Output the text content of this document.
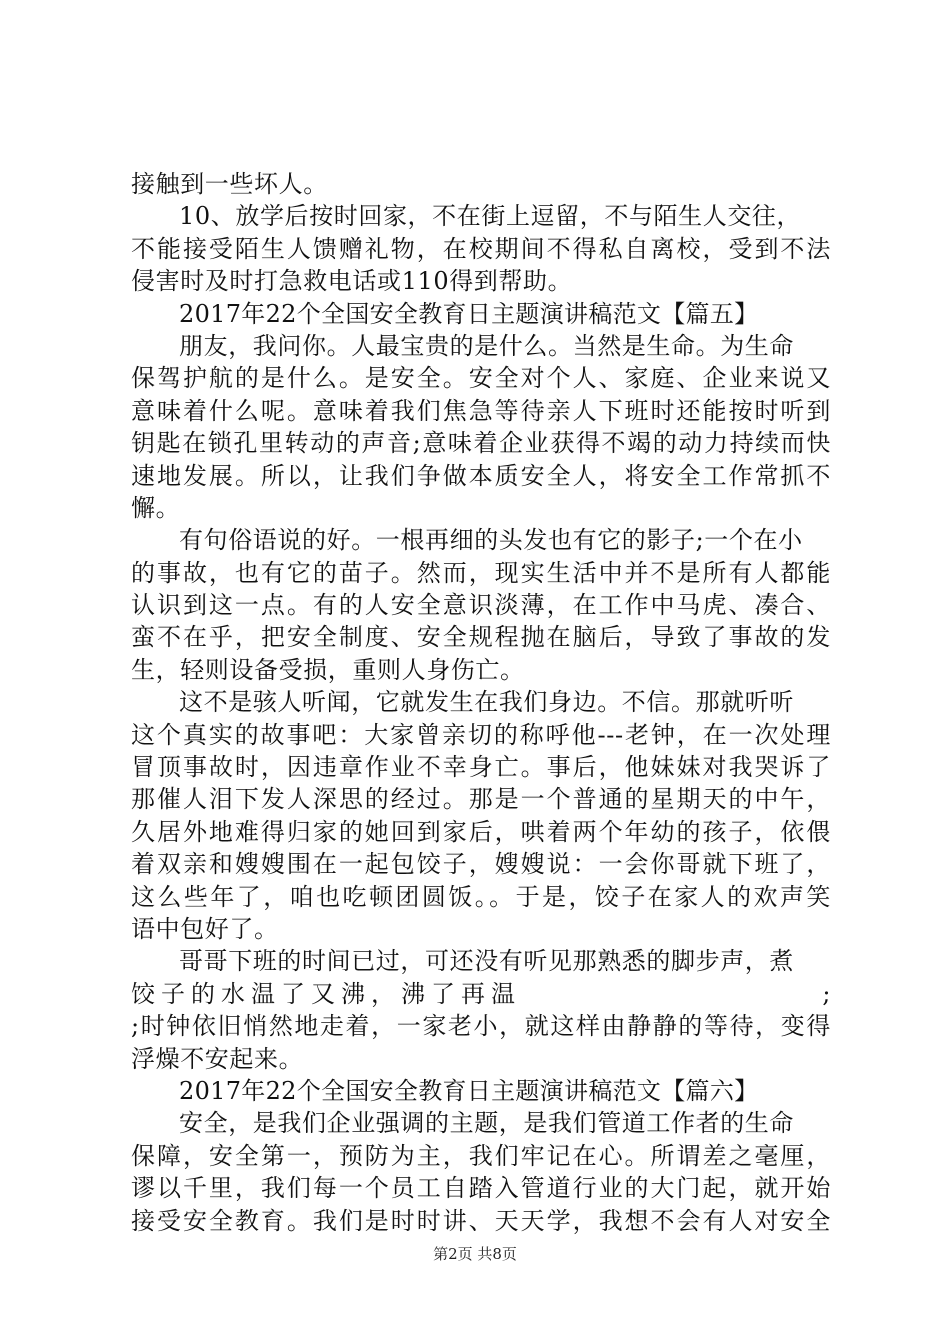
接触到一些坏人。
10、放学后按时回家，不在街上逗留，不与陌生人交往，
不能接受陌生人馈赠礼物，在校期间不得私自离校，受到不法
侵害时及时打急救电话或110得到帮助。
2017年22个全国安全教育日主题演讲稿范文【篇五】
朋友，我问你。人最宝贵的是什么。当然是生命。为生命
保驾护航的是什么。是安全。安全对个人、家庭、企业来说又
意味着什么呢。意味着我们焦急等待亲人下班时还能按时听到
钥匙在锁孔里转动的声音;意味着企业获得不竭的动力持续而快
速地发展。所以，让我们争做本质安全人，将安全工作常抓不
懈。
有句俗语说的好。一根再细的头发也有它的影子;一个在小
的事故，也有它的苗子。然而，现实生活中并不是所有人都能
认识到这一点。有的人安全意识淡薄，在工作中马虎、凑合、
蛮不在乎，把安全制度、安全规程抛在脑后，导致了事故的发
生，轻则设备受损，重则人身伤亡。
这不是骇人听闻，它就发生在我们身边。不信。那就听听
这个真实的故事吧：大家曾亲切的称呼他---老钟，在一次处理
冒顶事故时，因违章作业不幸身亡。事后，他妹妹对我哭诉了
那催人泪下发人深思的经过。那是一个普通的星期天的中午，
久居外地难得归家的她回到家后，哄着两个年幼的孩子，依偎
着双亲和嫂嫂围在一起包饺子，嫂嫂说：一会你哥就下班了，
这么些年了，咱也吃顿团圆饭。。于是，饺子在家人的欢声笑
语中包好了。
哥哥下班的时间已过，可还没有听见那熟悉的脚步声，煮
饺子的水温了又沸，沸了再温	;
;时钟依旧悄然地走着，一家老小，就这样由静静的等待，变得
浮燥不安起来。
2017年22个全国安全教育日主题演讲稿范文【篇六】
安全，是我们企业强调的主题，是我们管道工作者的生命
保障，安全第一，预防为主，我们牢记在心。所谓差之毫厘，
谬以千里，我们每一个员工自踏入管道行业的大门起，就开始
接受安全教育。我们是时时讲、天天学，我想不会有人对安全
第2页 共8页
